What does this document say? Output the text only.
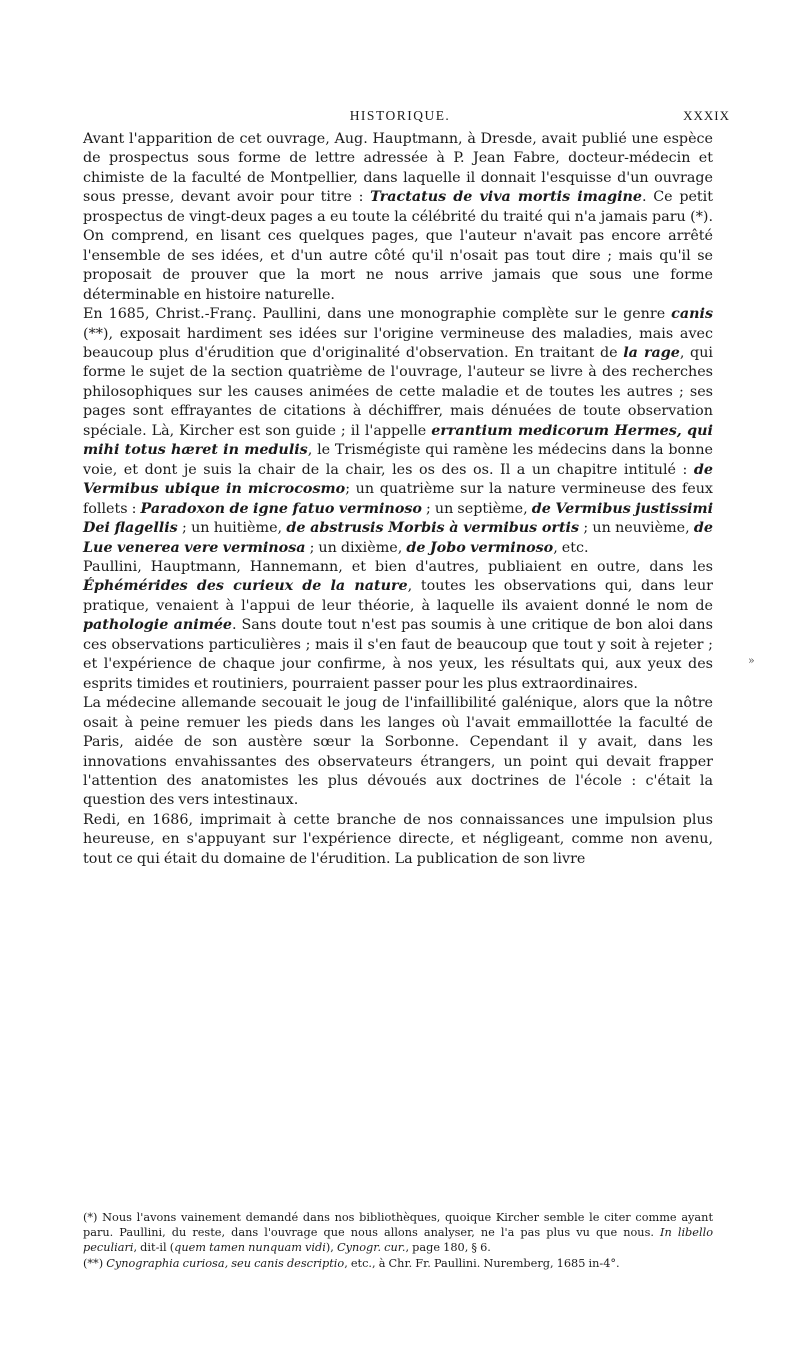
HISTORIQUE.	XXXIX

Avant l'apparition de cet ouvrage, Aug. Hauptmann, à Dresde, avait publié une espèce de prospectus sous forme de lettre adressée à P. Jean Fabre, docteur-médecin et chimiste de la faculté de Montpellier, dans laquelle il donnait l'esquisse d'un ouvrage sous presse, devant avoir pour titre : Tractatus de viva mortis imagine. Ce petit prospectus de vingt-deux pages a eu toute la célébrité du traité qui n'a jamais paru (*). On comprend, en lisant ces quelques pages, que l'auteur n'avait pas encore arrêté l'ensemble de ses idées, et d'un autre côté qu'il n'osait pas tout dire ; mais qu'il se proposait de prouver que la mort ne nous arrive jamais que sous une forme déterminable en histoire naturelle.

En 1685, Christ.-Franç. Paullini, dans une monographie complète sur le genre canis (**), exposait hardiment ses idées sur l'origine vermineuse des maladies, mais avec beaucoup plus d'érudition que d'originalité d'observation. En traitant de la rage, qui forme le sujet de la section quatrième de l'ouvrage, l'auteur se livre à des recherches philosophiques sur les causes animées de cette maladie et de toutes les autres ; ses pages sont effrayantes de citations à déchiffrer, mais dénuées de toute observation spéciale. Là, Kircher est son guide ; il l'appelle errantium medicorum Hermes, qui mihi totus hæret in medulis, le Trismégiste qui ramène les médecins dans la bonne voie, et dont je suis la chair de la chair, les os des os. Il a un chapitre intitulé : de Vermibus ubique in microcosmo; un quatrième sur la nature vermineuse des feux follets : Paradoxon de igne fatuo verminoso ; un septième, de Vermibus justissimi Dei flagellis ; un huitième, de abstrusis Morbis à vermibus ortis ; un neuvième, de Lue venerea vere verminosa ; un dixième, de Jobo verminoso, etc.

Paullini, Hauptmann, Hannemann, et bien d'autres, publiaient en outre, dans les Éphémérides des curieux de la nature, toutes les observations qui, dans leur pratique, venaient à l'appui de leur théorie, à laquelle ils avaient donné le nom de pathologie animée. Sans doute tout n'est pas soumis à une critique de bon aloi dans ces observations particulières ; mais il s'en faut de beaucoup que tout y soit à rejeter ; et l'expérience de chaque jour confirme, à nos yeux, les résultats qui, aux yeux des esprits timides et routiniers, pourraient passer pour les plus extraordinaires.

La médecine allemande secouait le joug de l'infaillibilité galénique, alors que la nôtre osait à peine remuer les pieds dans les langes où l'avait emmaillottée la faculté de Paris, aidée de son austère sœur la Sorbonne. Cependant il y avait, dans les innovations envahissantes des observateurs étrangers, un point qui devait frapper l'attention des anatomistes les plus dévoués aux doctrines de l'école : c'était la question des vers intestinaux.

Redi, en 1686, imprimait à cette branche de nos connaissances une impulsion plus heureuse, en s'appuyant sur l'expérience directe, et négligeant, comme non avenu, tout ce qui était du domaine de l'érudition. La publication de son livre

»

(*) Nous l'avons vainement demandé dans nos bibliothèques, quoique Kircher semble le citer comme ayant paru. Paullini, du reste, dans l'ouvrage que nous allons analyser, ne l'a pas plus vu que nous. In libello peculiari, dit-il (quem tamen nunquam vidi), Cynogr. cur., page 180, § 6.

(**) Cynographia curiosa, seu canis descriptio, etc., à Chr. Fr. Paullini. Nuremberg, 1685 in-4°.
